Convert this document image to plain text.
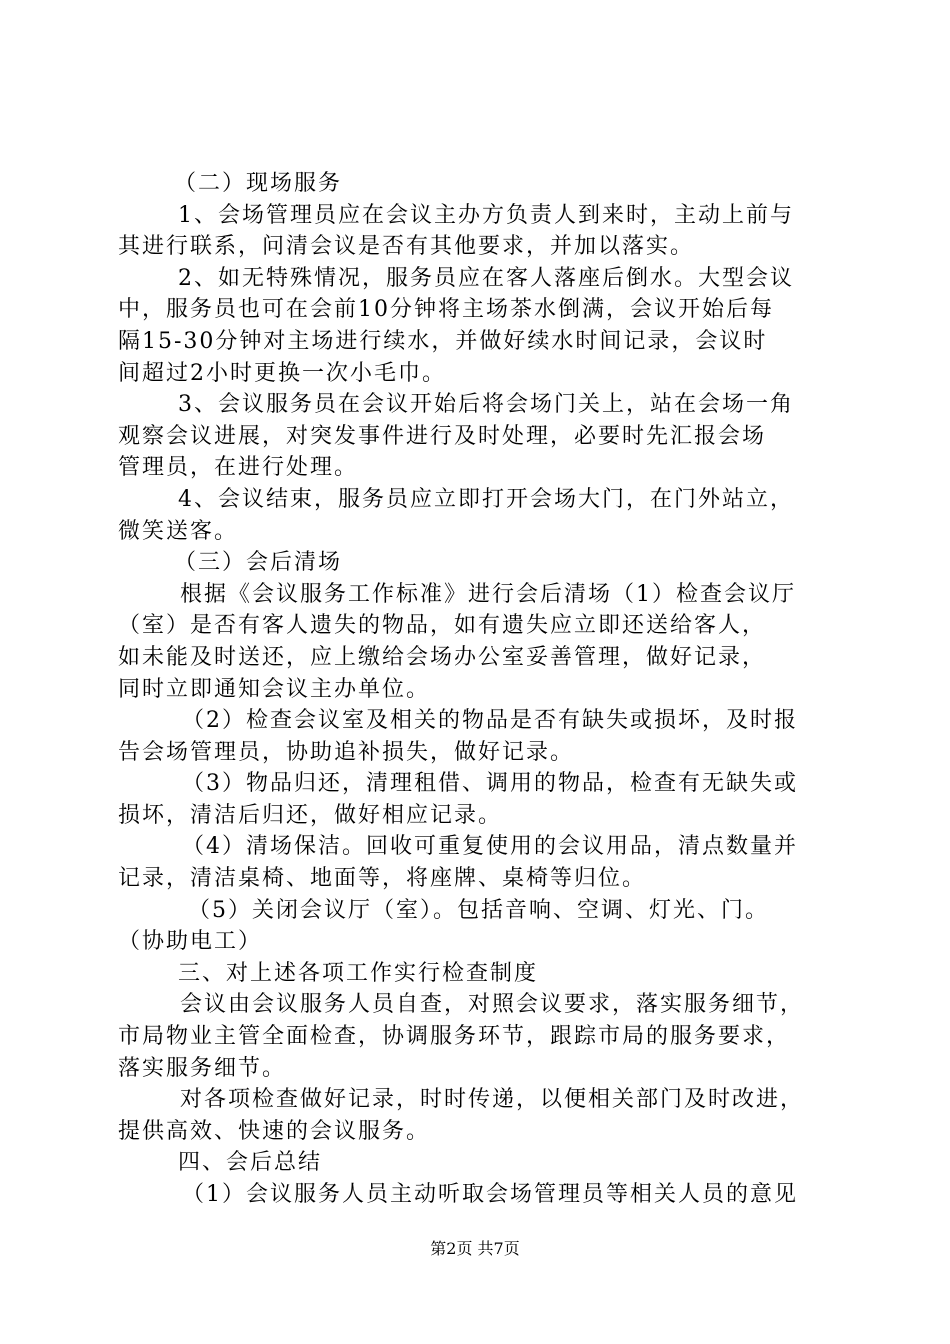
（二）现场服务
1、会场管理员应在会议主办方负责人到来时，主动上前与
其进行联系，问清会议是否有其他要求，并加以落实。
2、如无特殊情况，服务员应在客人落座后倒水。大型会议
中，服务员也可在会前10分钟将主场茶水倒满，会议开始后每
隔15-30分钟对主场进行续水，并做好续水时间记录，会议时
间超过2小时更换一次小毛巾。
3、会议服务员在会议开始后将会场门关上，站在会场一角
观察会议进展，对突发事件进行及时处理，必要时先汇报会场
管理员，在进行处理。
4、会议结束，服务员应立即打开会场大门，在门外站立，
微笑送客。
（三）会后清场
根据《会议服务工作标准》进行会后清场（1）检查会议厅
（室）是否有客人遗失的物品，如有遗失应立即还送给客人，
如未能及时送还，应上缴给会场办公室妥善管理，做好记录，
同时立即通知会议主办单位。
（2）检查会议室及相关的物品是否有缺失或损坏，及时报
告会场管理员，协助追补损失，做好记录。
（3）物品归还，清理租借、调用的物品，检查有无缺失或
损坏，清洁后归还，做好相应记录。
（4）清场保洁。回收可重复使用的会议用品，清点数量并
记录，清洁桌椅、地面等，将座牌、桌椅等归位。
（5）关闭会议厅（室）。包括音响、空调、灯光、门。
（协助电工）
三、对上述各项工作实行检查制度
会议由会议服务人员自查，对照会议要求，落实服务细节，
市局物业主管全面检查，协调服务环节，跟踪市局的服务要求，
落实服务细节。
对各项检查做好记录，时时传递，以便相关部门及时改进，
提供高效、快速的会议服务。
四、会后总结
（1）会议服务人员主动听取会场管理员等相关人员的意见
第2页 共7页
